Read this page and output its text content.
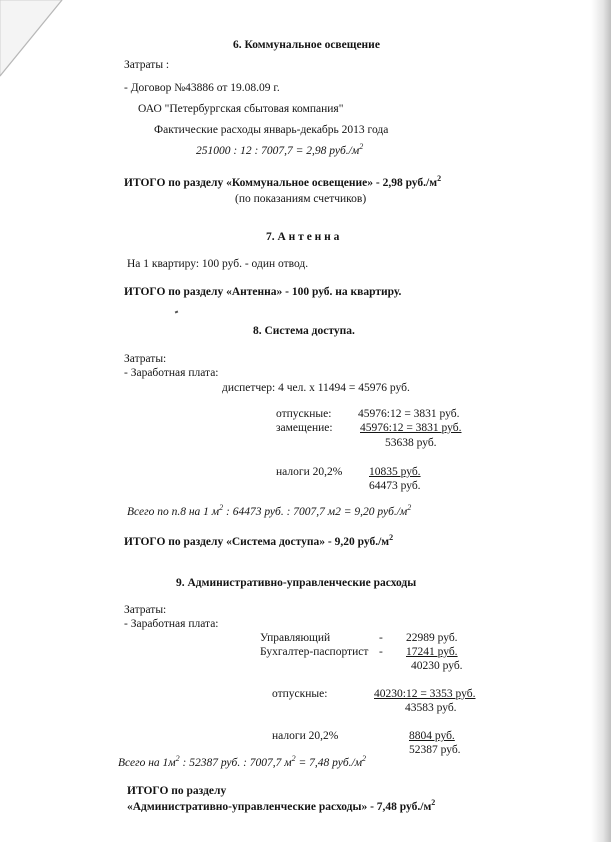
6. Коммунальное освещение
Затраты :
- Договор №43886 от 19.08.09 г.
ОАО "Петербургская сбытовая компания"
Фактические расходы январь-декабрь 2013 года
251000 : 12 : 7007,7 = 2,98 $руб./м^2$
ИТОГО по разделу «Коммунальное освещение» - 2,98 $руб./м^2$
(по показаниям счетчиков)
7. А н т е н н а
На 1 квартиру: 100 руб. - один отвод.
ИТОГО по разделу «Антенна» - 100 руб. на квартиру.
8. Система доступа.
Затраты:
- Заработная плата:
диспетчер: 4 чел. х 11494 = 45976 руб.
отпускные: 45976:12 = 3831 руб.
замещение: 45976:12 = 3831 руб.
53638 руб.
налоги 20,2% 10835 руб.
64473 руб.
Всего по п.8 на 1 $м^2$ : 64473 руб. : 7007,7 м2 = 9,20 $руб./м^2$
ИТОГО по разделу «Система доступа» - 9,20 $руб./м^2$
9. Административно-управленческие расходы
Затраты:
- Заработная плата:
Управляющий	- 22989 руб.
Бухгалтер-паспортист - 17241 руб.
40230 руб.
отпускные:	40230:12 = 3353 руб.
43583 руб.
налоги 20,2%	8804 руб.
52387 руб.
Всего на $1м^2$ : 52387 руб. : 7007,7 $м^2 = 7,48$ $руб./м^2$
ИТОГО по разделу
«Административно-управленческие расходы» - 7,48 $руб./м^2$
